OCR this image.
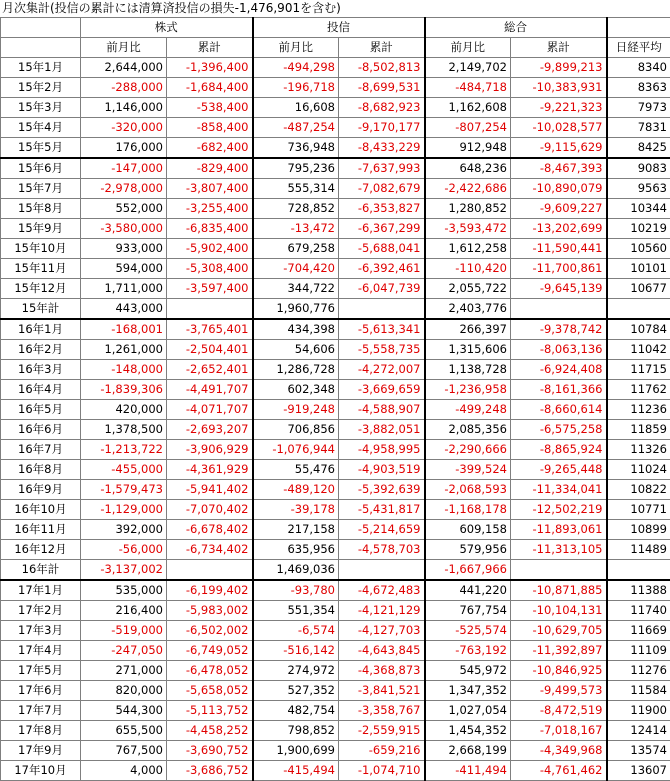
月次集計(投信の累計には清算済投信の損失-1,476,901を含む)
	株式		投信		総合		
	前月比	累計	前月比	累計	前月比	累計	日経平均
15年1月	2,644,000	-1,396,400	-494,298	-8,502,813	2,149,702	-9,899,213	8340
15年2月	-288,000	-1,684,400	-196,718	-8,699,531	-484,718	-10,383,931	8363
15年3月	1,146,000	-538,400	16,608	-8,682,923	1,162,608	-9,221,323	7973
15年4月	-320,000	-858,400	-487,254	-9,170,177	-807,254	-10,028,577	7831
15年5月	176,000	-682,400	736,948	-8,433,229	912,948	-9,115,629	8425
15年6月	-147,000	-829,400	795,236	-7,637,993	648,236	-8,467,393	9083
15年7月	-2,978,000	-3,807,400	555,314	-7,082,679	-2,422,686	-10,890,079	9563
15年8月	552,000	-3,255,400	728,852	-6,353,827	1,280,852	-9,609,227	10344
15年9月	-3,580,000	-6,835,400	-13,472	-6,367,299	-3,593,472	-13,202,699	10219
15年10月	933,000	-5,902,400	679,258	-5,688,041	1,612,258	-11,590,441	10560
15年11月	594,000	-5,308,400	-704,420	-6,392,461	-110,420	-11,700,861	10101
15年12月	1,711,000	-3,597,400	344,722	-6,047,739	2,055,722	-9,645,139	10677
15年計	443,000		1,960,776		2,403,776		
16年1月	-168,001	-3,765,401	434,398	-5,613,341	266,397	-9,378,742	10784
16年2月	1,261,000	-2,504,401	54,606	-5,558,735	1,315,606	-8,063,136	11042
16年3月	-148,000	-2,652,401	1,286,728	-4,272,007	1,138,728	-6,924,408	11715
16年4月	-1,839,306	-4,491,707	602,348	-3,669,659	-1,236,958	-8,161,366	11762
16年5月	420,000	-4,071,707	-919,248	-4,588,907	-499,248	-8,660,614	11236
16年6月	1,378,500	-2,693,207	706,856	-3,882,051	2,085,356	-6,575,258	11859
16年7月	-1,213,722	-3,906,929	-1,076,944	-4,958,995	-2,290,666	-8,865,924	11326
16年8月	-455,000	-4,361,929	55,476	-4,903,519	-399,524	-9,265,448	11024
16年9月	-1,579,473	-5,941,402	-489,120	-5,392,639	-2,068,593	-11,334,041	10822
16年10月	-1,129,000	-7,070,402	-39,178	-5,431,817	-1,168,178	-12,502,219	10771
16年11月	392,000	-6,678,402	217,158	-5,214,659	609,158	-11,893,061	10899
16年12月	-56,000	-6,734,402	635,956	-4,578,703	579,956	-11,313,105	11489
16年計	-3,137,002		1,469,036		-1,667,966		
17年1月	535,000	-6,199,402	-93,780	-4,672,483	441,220	-10,871,885	11388
17年2月	216,400	-5,983,002	551,354	-4,121,129	767,754	-10,104,131	11740
17年3月	-519,000	-6,502,002	-6,574	-4,127,703	-525,574	-10,629,705	11669
17年4月	-247,050	-6,749,052	-516,142	-4,643,845	-763,192	-11,392,897	11109
17年5月	271,000	-6,478,052	274,972	-4,368,873	545,972	-10,846,925	11276
17年6月	820,000	-5,658,052	527,352	-3,841,521	1,347,352	-9,499,573	11584
17年7月	544,300	-5,113,752	482,754	-3,358,767	1,027,054	-8,472,519	11900
17年8月	655,500	-4,458,252	798,852	-2,559,915	1,454,352	-7,018,167	12414
17年9月	767,500	-3,690,752	1,900,699	-659,216	2,668,199	-4,349,968	13574
17年10月	4,000	-3,686,752	-415,494	-1,074,710	-411,494	-4,761,462	13607
